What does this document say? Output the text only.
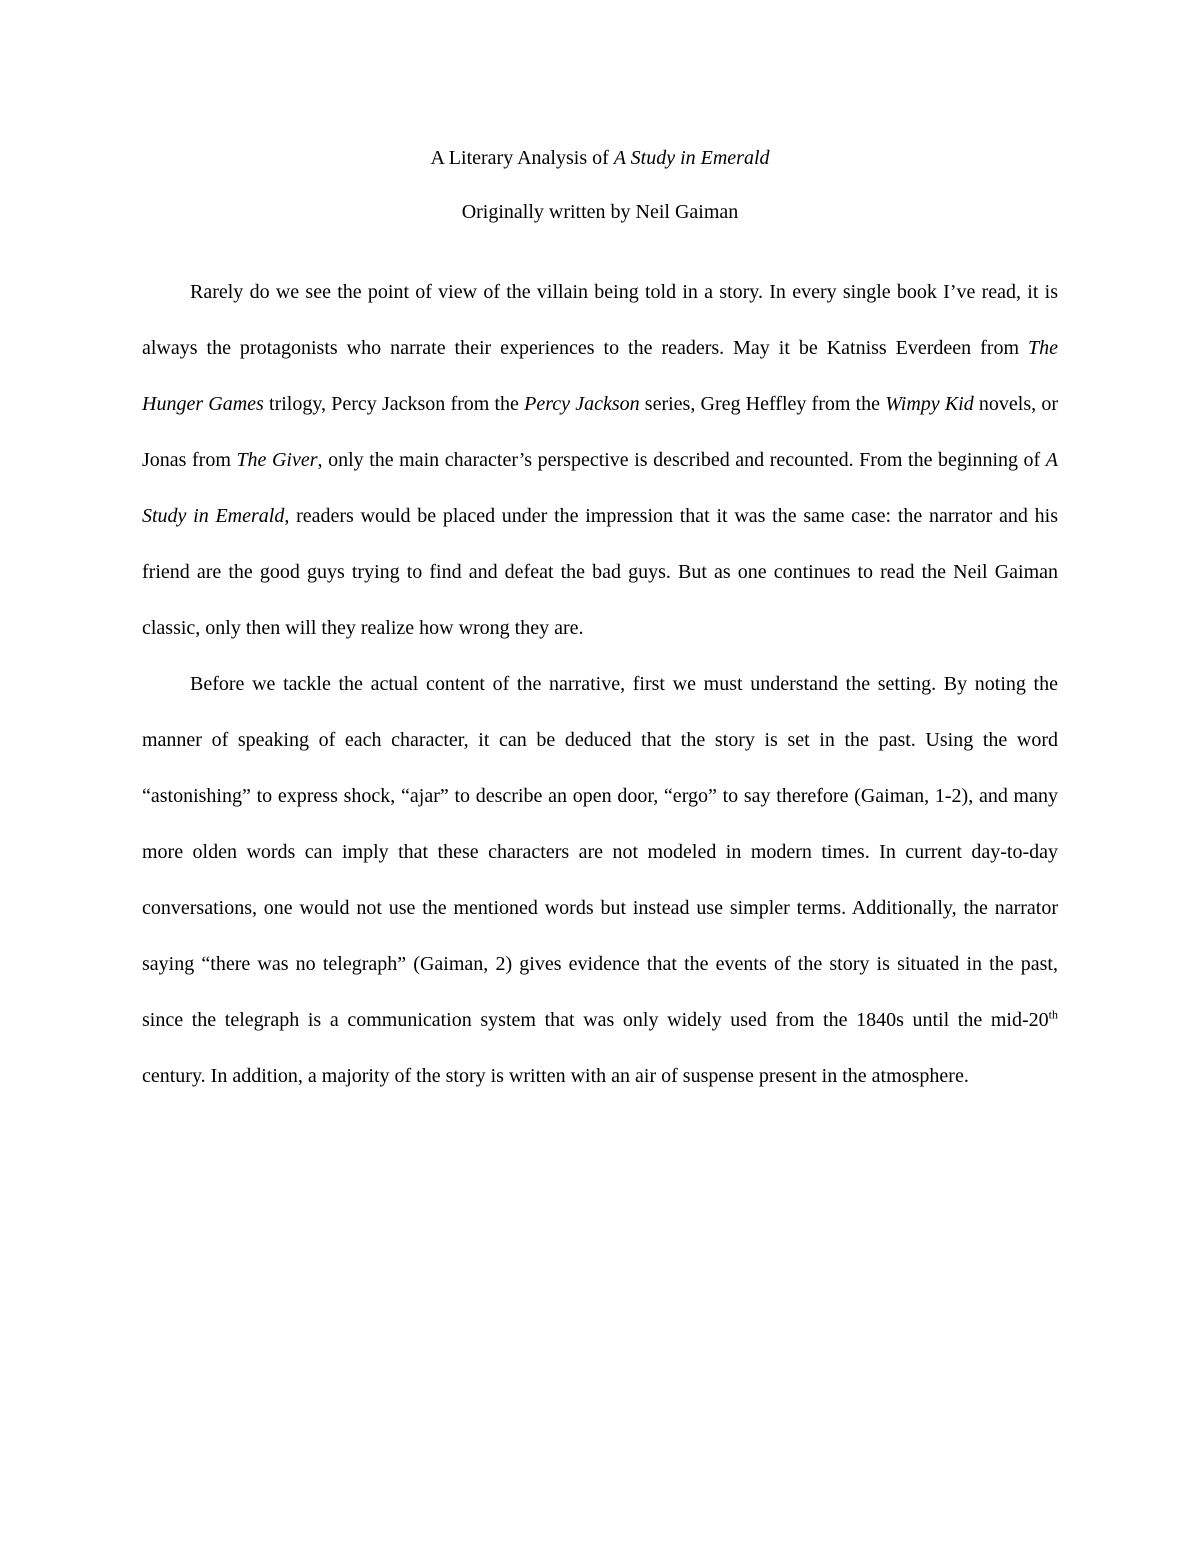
A Literary Analysis of A Study in Emerald
Originally written by Neil Gaiman

Rarely do we see the point of view of the villain being told in a story. In every single book I’ve read, it is always the protagonists who narrate their experiences to the readers. May it be Katniss Everdeen from The Hunger Games trilogy, Percy Jackson from the Percy Jackson series, Greg Heffley from the Wimpy Kid novels, or Jonas from The Giver, only the main character’s perspective is described and recounted. From the beginning of A Study in Emerald, readers would be placed under the impression that it was the same case: the narrator and his friend are the good guys trying to find and defeat the bad guys. But as one continues to read the Neil Gaiman classic, only then will they realize how wrong they are.

Before we tackle the actual content of the narrative, first we must understand the setting. By noting the manner of speaking of each character, it can be deduced that the story is set in the past. Using the word “astonishing” to express shock, “ajar” to describe an open door, “ergo” to say therefore (Gaiman, 1-2), and many more olden words can imply that these characters are not modeled in modern times. In current day-to-day conversations, one would not use the mentioned words but instead use simpler terms. Additionally, the narrator saying “there was no telegraph” (Gaiman, 2) gives evidence that the events of the story is situated in the past, since the telegraph is a communication system that was only widely used from the 1840s until the mid-20th century. In addition, a majority of the story is written with an air of suspense present in the atmosphere.
